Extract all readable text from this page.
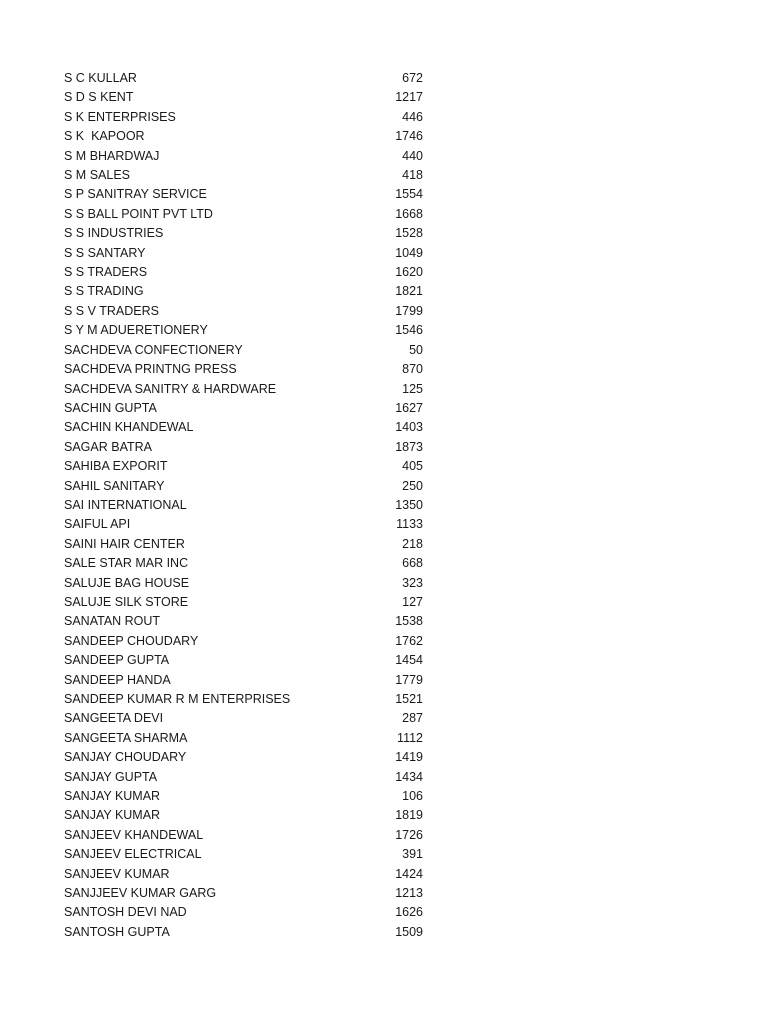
S C KULLAR	672
S D S KENT	1217
S K ENTERPRISES	446
S K  KAPOOR	1746
S M BHARDWAJ	440
S M SALES	418
S P SANITRAY SERVICE	1554
S S BALL POINT PVT LTD	1668
S S INDUSTRIES	1528
S S SANTARY	1049
S S TRADERS	1620
S S TRADING	1821
S S V TRADERS	1799
S Y M ADUERETIONERY	1546
SACHDEVA CONFECTIONERY	50
SACHDEVA PRINTNG PRESS	870
SACHDEVA SANITRY & HARDWARE	125
SACHIN GUPTA	1627
SACHIN KHANDEWAL	1403
SAGAR BATRA	1873
SAHIBA EXPORIT	405
SAHIL SANITARY	250
SAI INTERNATIONAL	1350
SAIFUL API	1133
SAINI HAIR CENTER	218
SALE STAR MAR INC	668
SALUJE BAG HOUSE	323
SALUJE SILK STORE	127
SANATAN ROUT	1538
SANDEEP CHOUDARY	1762
SANDEEP GUPTA	1454
SANDEEP HANDA	1779
SANDEEP KUMAR R M ENTERPRISES	1521
SANGEETA DEVI	287
SANGEETA SHARMA	1112
SANJAY CHOUDARY	1419
SANJAY GUPTA	1434
SANJAY KUMAR	106
SANJAY KUMAR	1819
SANJEEV KHANDEWAL	1726
SANJEEV ELECTRICAL	391
SANJEEV KUMAR	1424
SANJJEEV KUMAR GARG	1213
SANTOSH DEVI NAD	1626
SANTOSH GUPTA	1509
